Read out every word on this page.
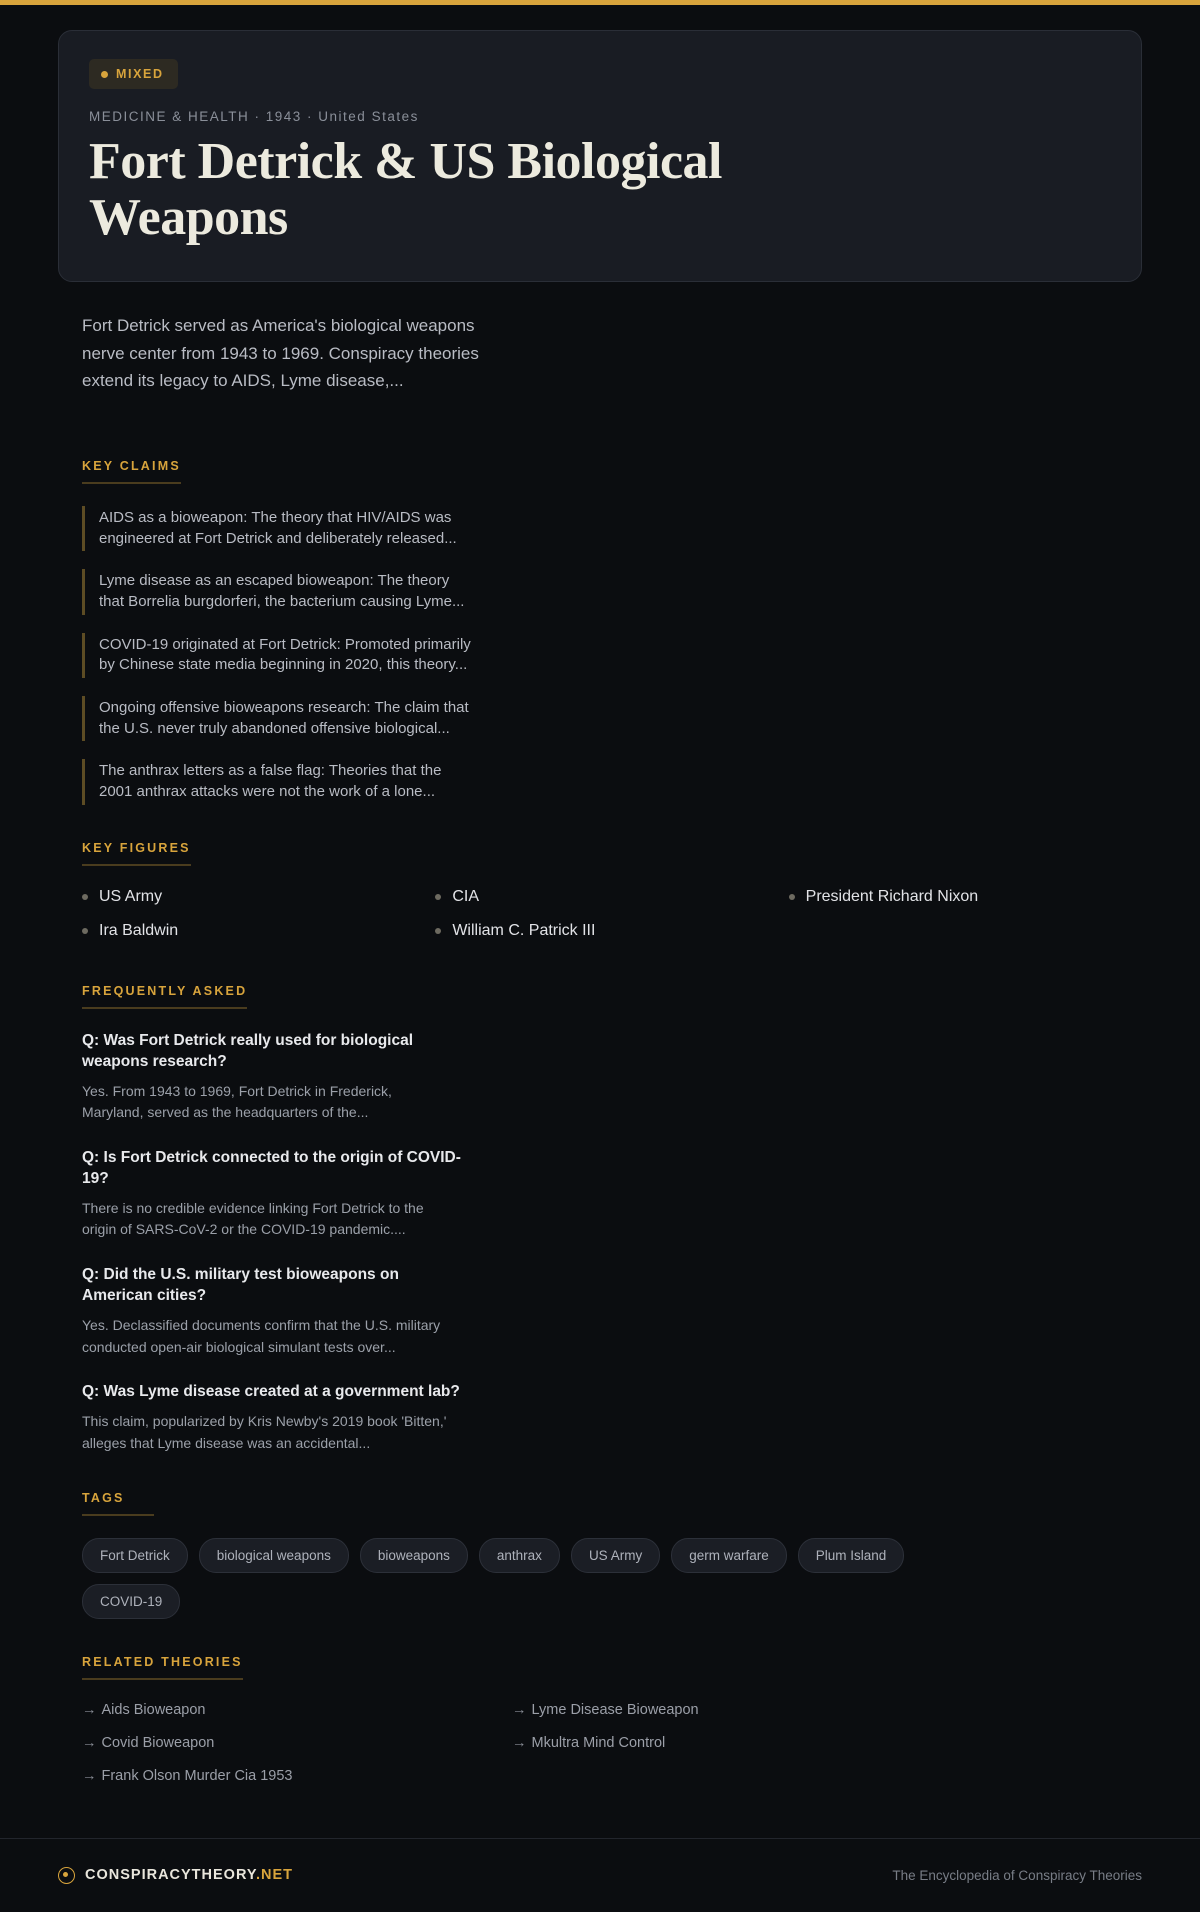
MIXED
MEDICINE & HEALTH · 1943 · United States
Fort Detrick & US Biological Weapons
Fort Detrick served as America's biological weapons nerve center from 1943 to 1969. Conspiracy theories extend its legacy to AIDS, Lyme disease,...
KEY CLAIMS
AIDS as a bioweapon: The theory that HIV/AIDS was engineered at Fort Detrick and deliberately released...
Lyme disease as an escaped bioweapon: The theory that Borrelia burgdorferi, the bacterium causing Lyme...
COVID-19 originated at Fort Detrick: Promoted primarily by Chinese state media beginning in 2020, this theory...
Ongoing offensive bioweapons research: The claim that the U.S. never truly abandoned offensive biological...
The anthrax letters as a false flag: Theories that the 2001 anthrax attacks were not the work of a lone...
KEY FIGURES
US Army	CIA	President Richard Nixon
Ira Baldwin	William C. Patrick III
FREQUENTLY ASKED
Q: Was Fort Detrick really used for biological weapons research?
Yes. From 1943 to 1969, Fort Detrick in Frederick, Maryland, served as the headquarters of the...
Q: Is Fort Detrick connected to the origin of COVID-19?
There is no credible evidence linking Fort Detrick to the origin of SARS-CoV-2 or the COVID-19 pandemic....
Q: Did the U.S. military test bioweapons on American cities?
Yes. Declassified documents confirm that the U.S. military conducted open-air biological simulant tests over...
Q: Was Lyme disease created at a government lab?
This claim, popularized by Kris Newby's 2019 book 'Bitten,' alleges that Lyme disease was an accidental...
TAGS
Fort Detrick	biological weapons	bioweapons	anthrax	US Army	germ warfare	Plum Island
COVID-19
RELATED THEORIES
→ Aids Bioweapon	→ Lyme Disease Bioweapon
→ Covid Bioweapon	→ Mkultra Mind Control
→ Frank Olson Murder Cia 1953
CONSPIRACYTHEORY.NET	The Encyclopedia of Conspiracy Theories
